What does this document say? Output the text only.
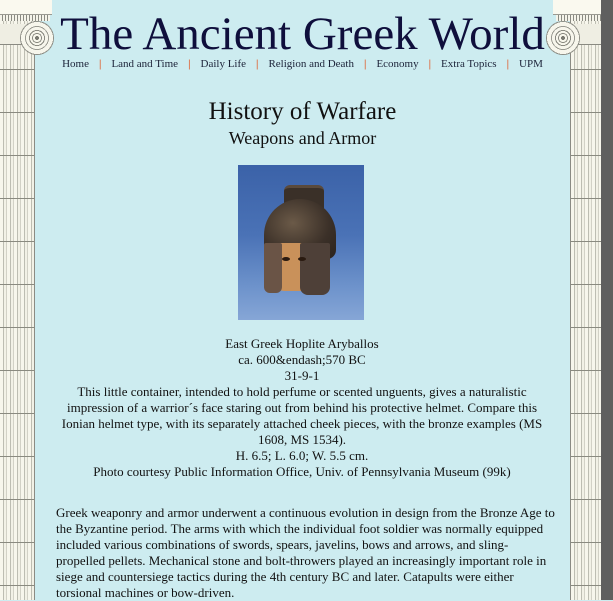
The Ancient Greek World
Home | Land and Time | Daily Life | Religion and Death | Economy | Extra Topics | UPM
History of Warfare
Weapons and Armor

East Greek Hoplite Aryballos

ca. 600&endash;570 BC

31-9-1

This little container, intended to hold perfume or scented unguents, gives a naturalistic impression of a warrior´s face staring out from behind his protective helmet. Compare this Ionian helmet type, with its separately attached cheek pieces, with the bronze examples (MS 1608, MS 1534).

H. 6.5; L. 6.0; W. 5.5 cm.

Photo courtesy Public Information Office, Univ. of Pennsylvania Museum (99k)

Greek weaponry and armor underwent a continuous evolution in design from the Bronze Age to the Byzantine period. The arms with which the individual foot soldier was normally equipped included various combinations of swords, spears, javelins, bows and arrows, and sling-propelled pellets. Mechanical stone and bolt-throwers played an increasingly important role in siege and countersiege tactics during the 4th century BC and later. Catapults were either torsional machines or bow-driven.
